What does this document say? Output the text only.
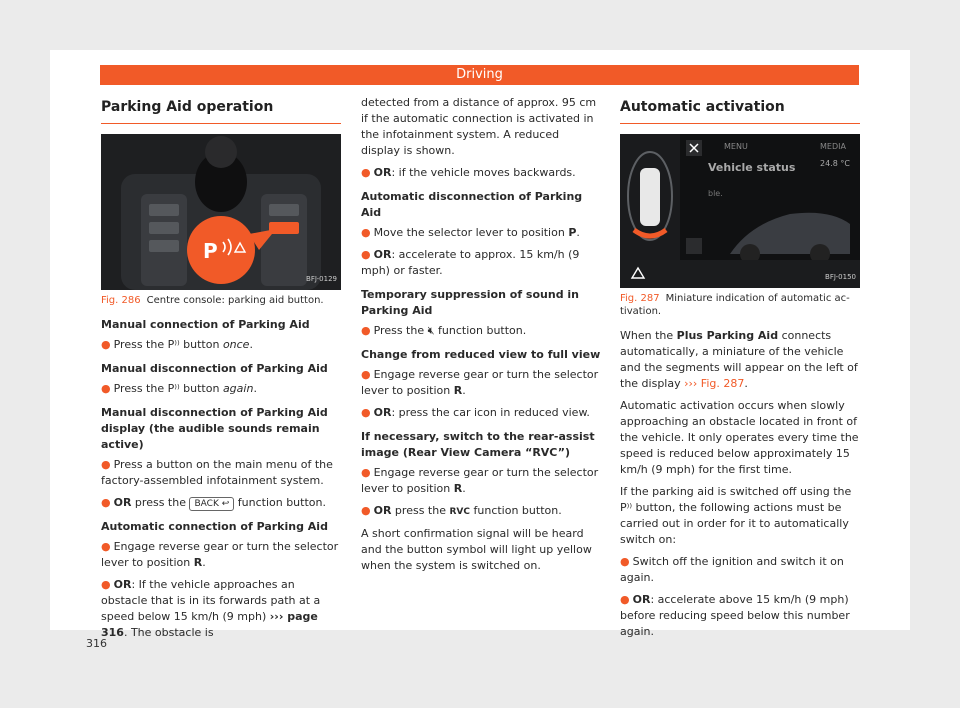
Driving
Parking Aid operation
P
BFJ-0129

Fig. 286 Centre console: parking aid button.

Manual connection of Parking Aid

● Press the P⁾⁾ button once.

Manual disconnection of Parking Aid

● Press the P⁾⁾ button again.

Manual disconnection of Parking Aid display (the audible sounds remain active)

● Press a button on the main menu of the factory-assembled infotainment system.

● OR press the BACK ↩ function button.

Automatic connection of Parking Aid

● Engage reverse gear or turn the selector lever to position R.

● OR: If the vehicle approaches an obstacle that is in its forwards path at a speed below 15 km/h (9 mph) ››› page 316. The obstacle is

detected from a distance of approx. 95 cm if the automatic connection is activated in the infotainment system. A reduced display is shown.

● OR: if the vehicle moves backwards.

Automatic disconnection of Parking Aid

● Move the selector lever to position P.

● OR: accelerate to approx. 15 km/h (9 mph) or faster.

Temporary suppression of sound in Parking Aid

● Press the 🔇︎ function button.

Change from reduced view to full view

● Engage reverse gear or turn the selector lever to position R.

● OR: press the car icon in reduced view.

If necessary, switch to the rear-assist image (Rear View Camera “RVC”)

● Engage reverse gear or turn the selector lever to position R.

● OR press the RVC function button.

A short confirmation signal will be heard and the button symbol will light up yellow when the system is switched on.

Automatic activation
MENU	MEDIA
Vehicle status	24.8 °C
ble.
BFJ-0150

Fig. 287 Miniature indication of automatic activation.

When the Plus Parking Aid connects automatically, a miniature of the vehicle and the segments will appear on the left of the display ››› Fig. 287.

Automatic activation occurs when slowly approaching an obstacle located in front of the vehicle. It only operates every time the speed is reduced below approximately 15 km/h (9 mph) for the first time.

If the parking aid is switched off using the P⁾⁾ button, the following actions must be carried out in order for it to automatically switch on:

● Switch off the ignition and switch it on again.

● OR: accelerate above 15 km/h (9 mph) before reducing speed below this number again.

316
